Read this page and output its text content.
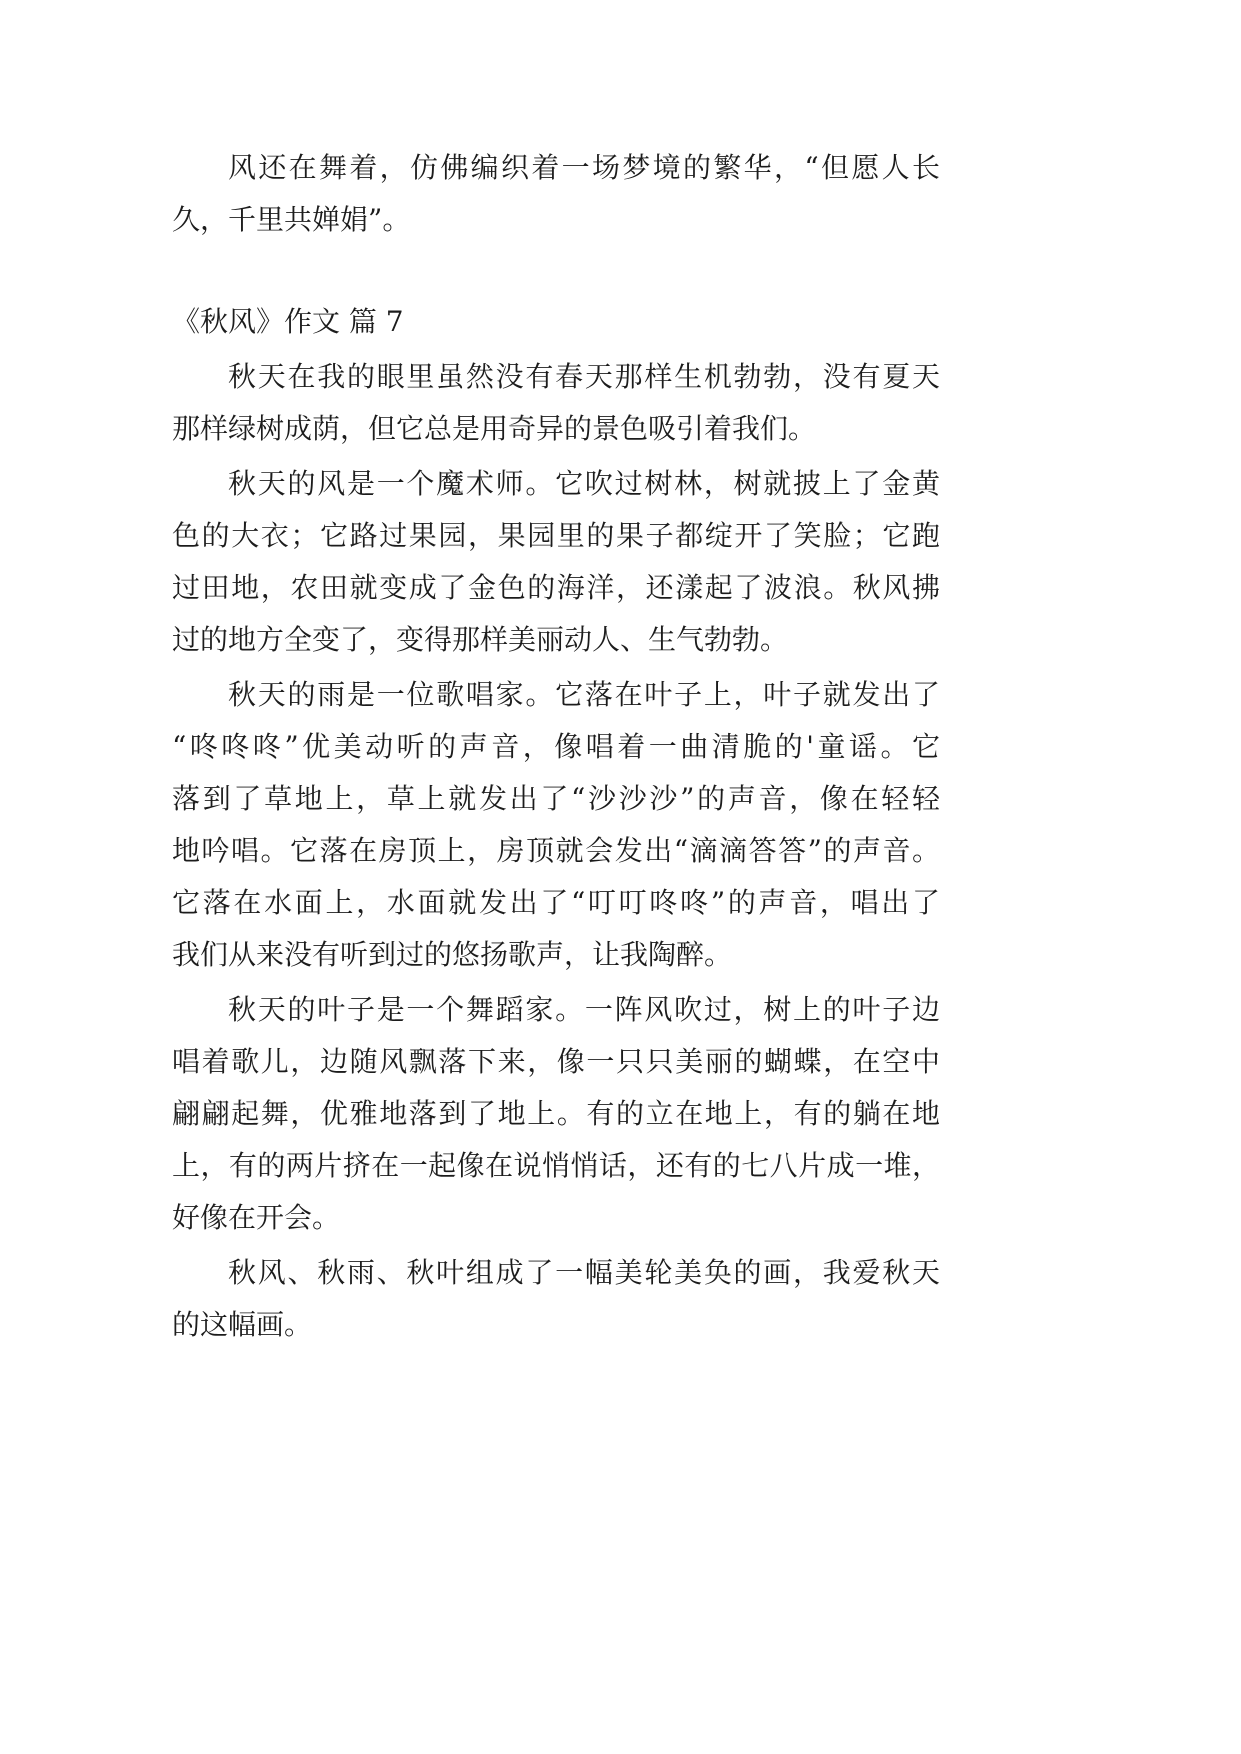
风还在舞着，仿佛编织着一场梦境的繁华，“但愿人长
久，千里共婵娟”。
《秋风》作文 篇 7
秋天在我的眼里虽然没有春天那样生机勃勃，没有夏天
那样绿树成荫，但它总是用奇异的景色吸引着我们。
秋天的风是一个魔术师。它吹过树林，树就披上了金黄
色的大衣；它路过果园，果园里的果子都绽开了笑脸；它跑
过田地，农田就变成了金色的海洋，还漾起了波浪。秋风拂
过的地方全变了，变得那样美丽动人、生气勃勃。
秋天的雨是一位歌唱家。它落在叶子上，叶子就发出了
“咚咚咚”优美动听的声音，像唱着一曲清脆的'童谣。它
落到了草地上，草上就发出了“沙沙沙”的声音，像在轻轻
地吟唱。它落在房顶上，房顶就会发出“滴滴答答”的声音。
它落在水面上，水面就发出了“叮叮咚咚”的声音，唱出了
我们从来没有听到过的悠扬歌声，让我陶醉。
秋天的叶子是一个舞蹈家。一阵风吹过，树上的叶子边
唱着歌儿，边随风飘落下来，像一只只美丽的蝴蝶，在空中
翩翩起舞，优雅地落到了地上。有的立在地上，有的躺在地
上，有的两片挤在一起像在说悄悄话，还有的七八片成一堆，
好像在开会。
秋风、秋雨、秋叶组成了一幅美轮美奂的画，我爱秋天
的这幅画。
